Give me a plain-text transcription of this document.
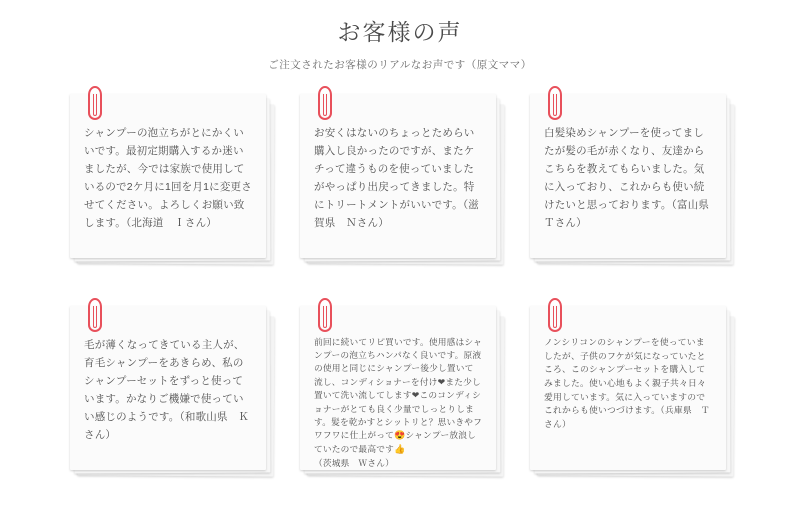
お客様の声

ご注文されたお客様のリアルなお声です（原文ママ）

シャンプーの泡立ちがとにかくいいです。最初定期購入するか迷いましたが、今では家族で使用しているので2ケ月に1回を月1に変更させてください。よろしくお願い致します。（北海道　Ｉさん）

お安くはないのちょっとためらい購入し良かったのですが、またケチって違うものを使っていましたがやっぱり出戻ってきました。特にトリートメントがいいです。（滋賀県　Ｎさん）

白髪染めシャンプーを使ってましたが髪の毛が赤くなり、友達からこちらを教えてもらいました。気に入っており、これからも使い続けたいと思っております。（富山県　Ｔさん）

毛が薄くなってきている主人が、育毛シャンプーをあきらめ、私のシャンプーセットをずっと使っています。かなりご機嫌で使っていい感じのようです。（和歌山県　Ｋさん）

前回に続いてリピ買いです。使用感はシャンプーの泡立ちハンパなく良いです。原液の使用と同じにシャンプー後少し置いて流し、コンディショナーを付け❤また少し置いて洗い流してします❤このコンディショナーがとても良く少量でしっとりします。髪を乾かすとシットリと？思いきやフワフワに仕上がって😍シャンプー放浪していたので最高です👍（茨城県　Ｗさん）

ノンシリコンのシャンプーを使っていましたが、子供のフケが気になっていたところ、このシャンプーセットを購入してみました。使い心地もよく親子共々日々愛用しています。気に入っていますのでこれからも使いつづけます。（兵庫県　Ｔさん）
